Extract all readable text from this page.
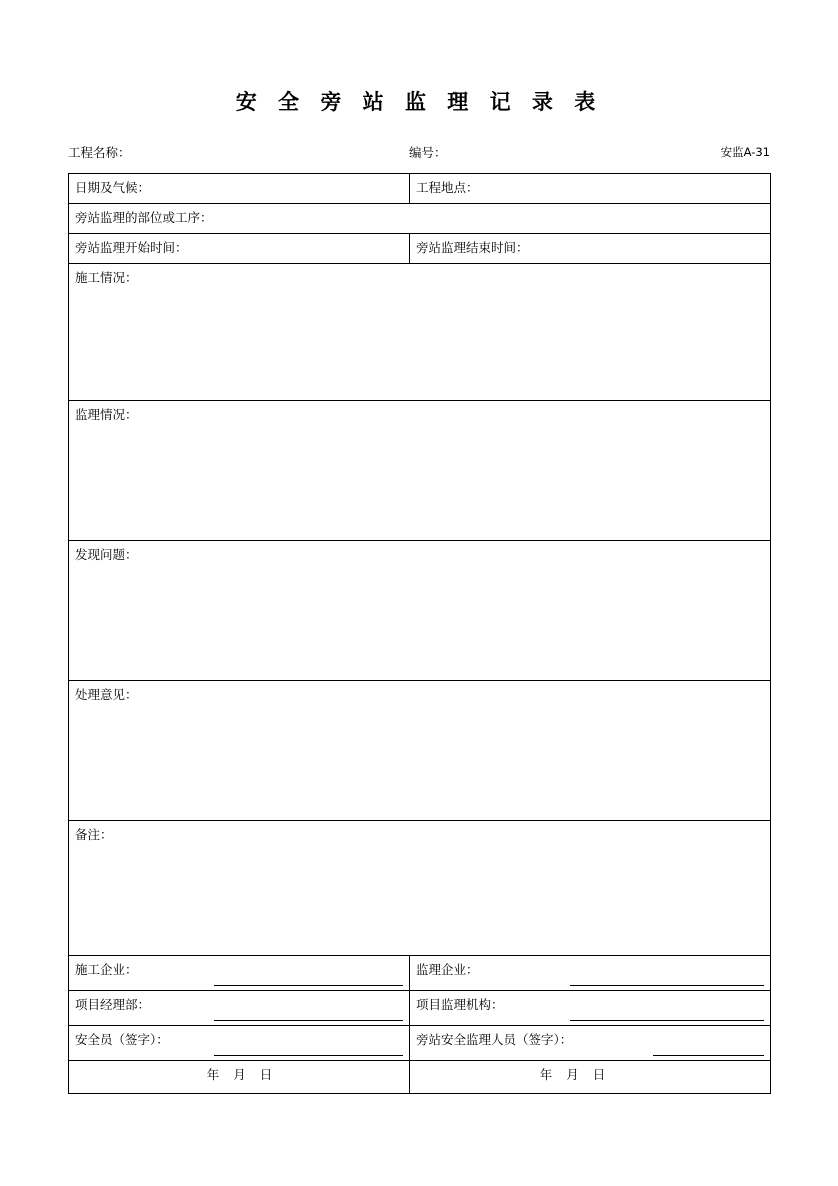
安 全 旁 站 监 理 记 录 表
工程名称：	编号：	安监A-31
日期及气候：	工程地点：
旁站监理的部位或工序：	
旁站监理开始时间：	旁站监理结束时间：
施工情况：	
监理情况：	
发现问题：	
处理意见：	
备注：	
施工企业：	监理企业：

项目经理部：	项目监理机构：

安全员（签字）：	旁站安全监理人员（签字）：

年 月 日	年 月 日
